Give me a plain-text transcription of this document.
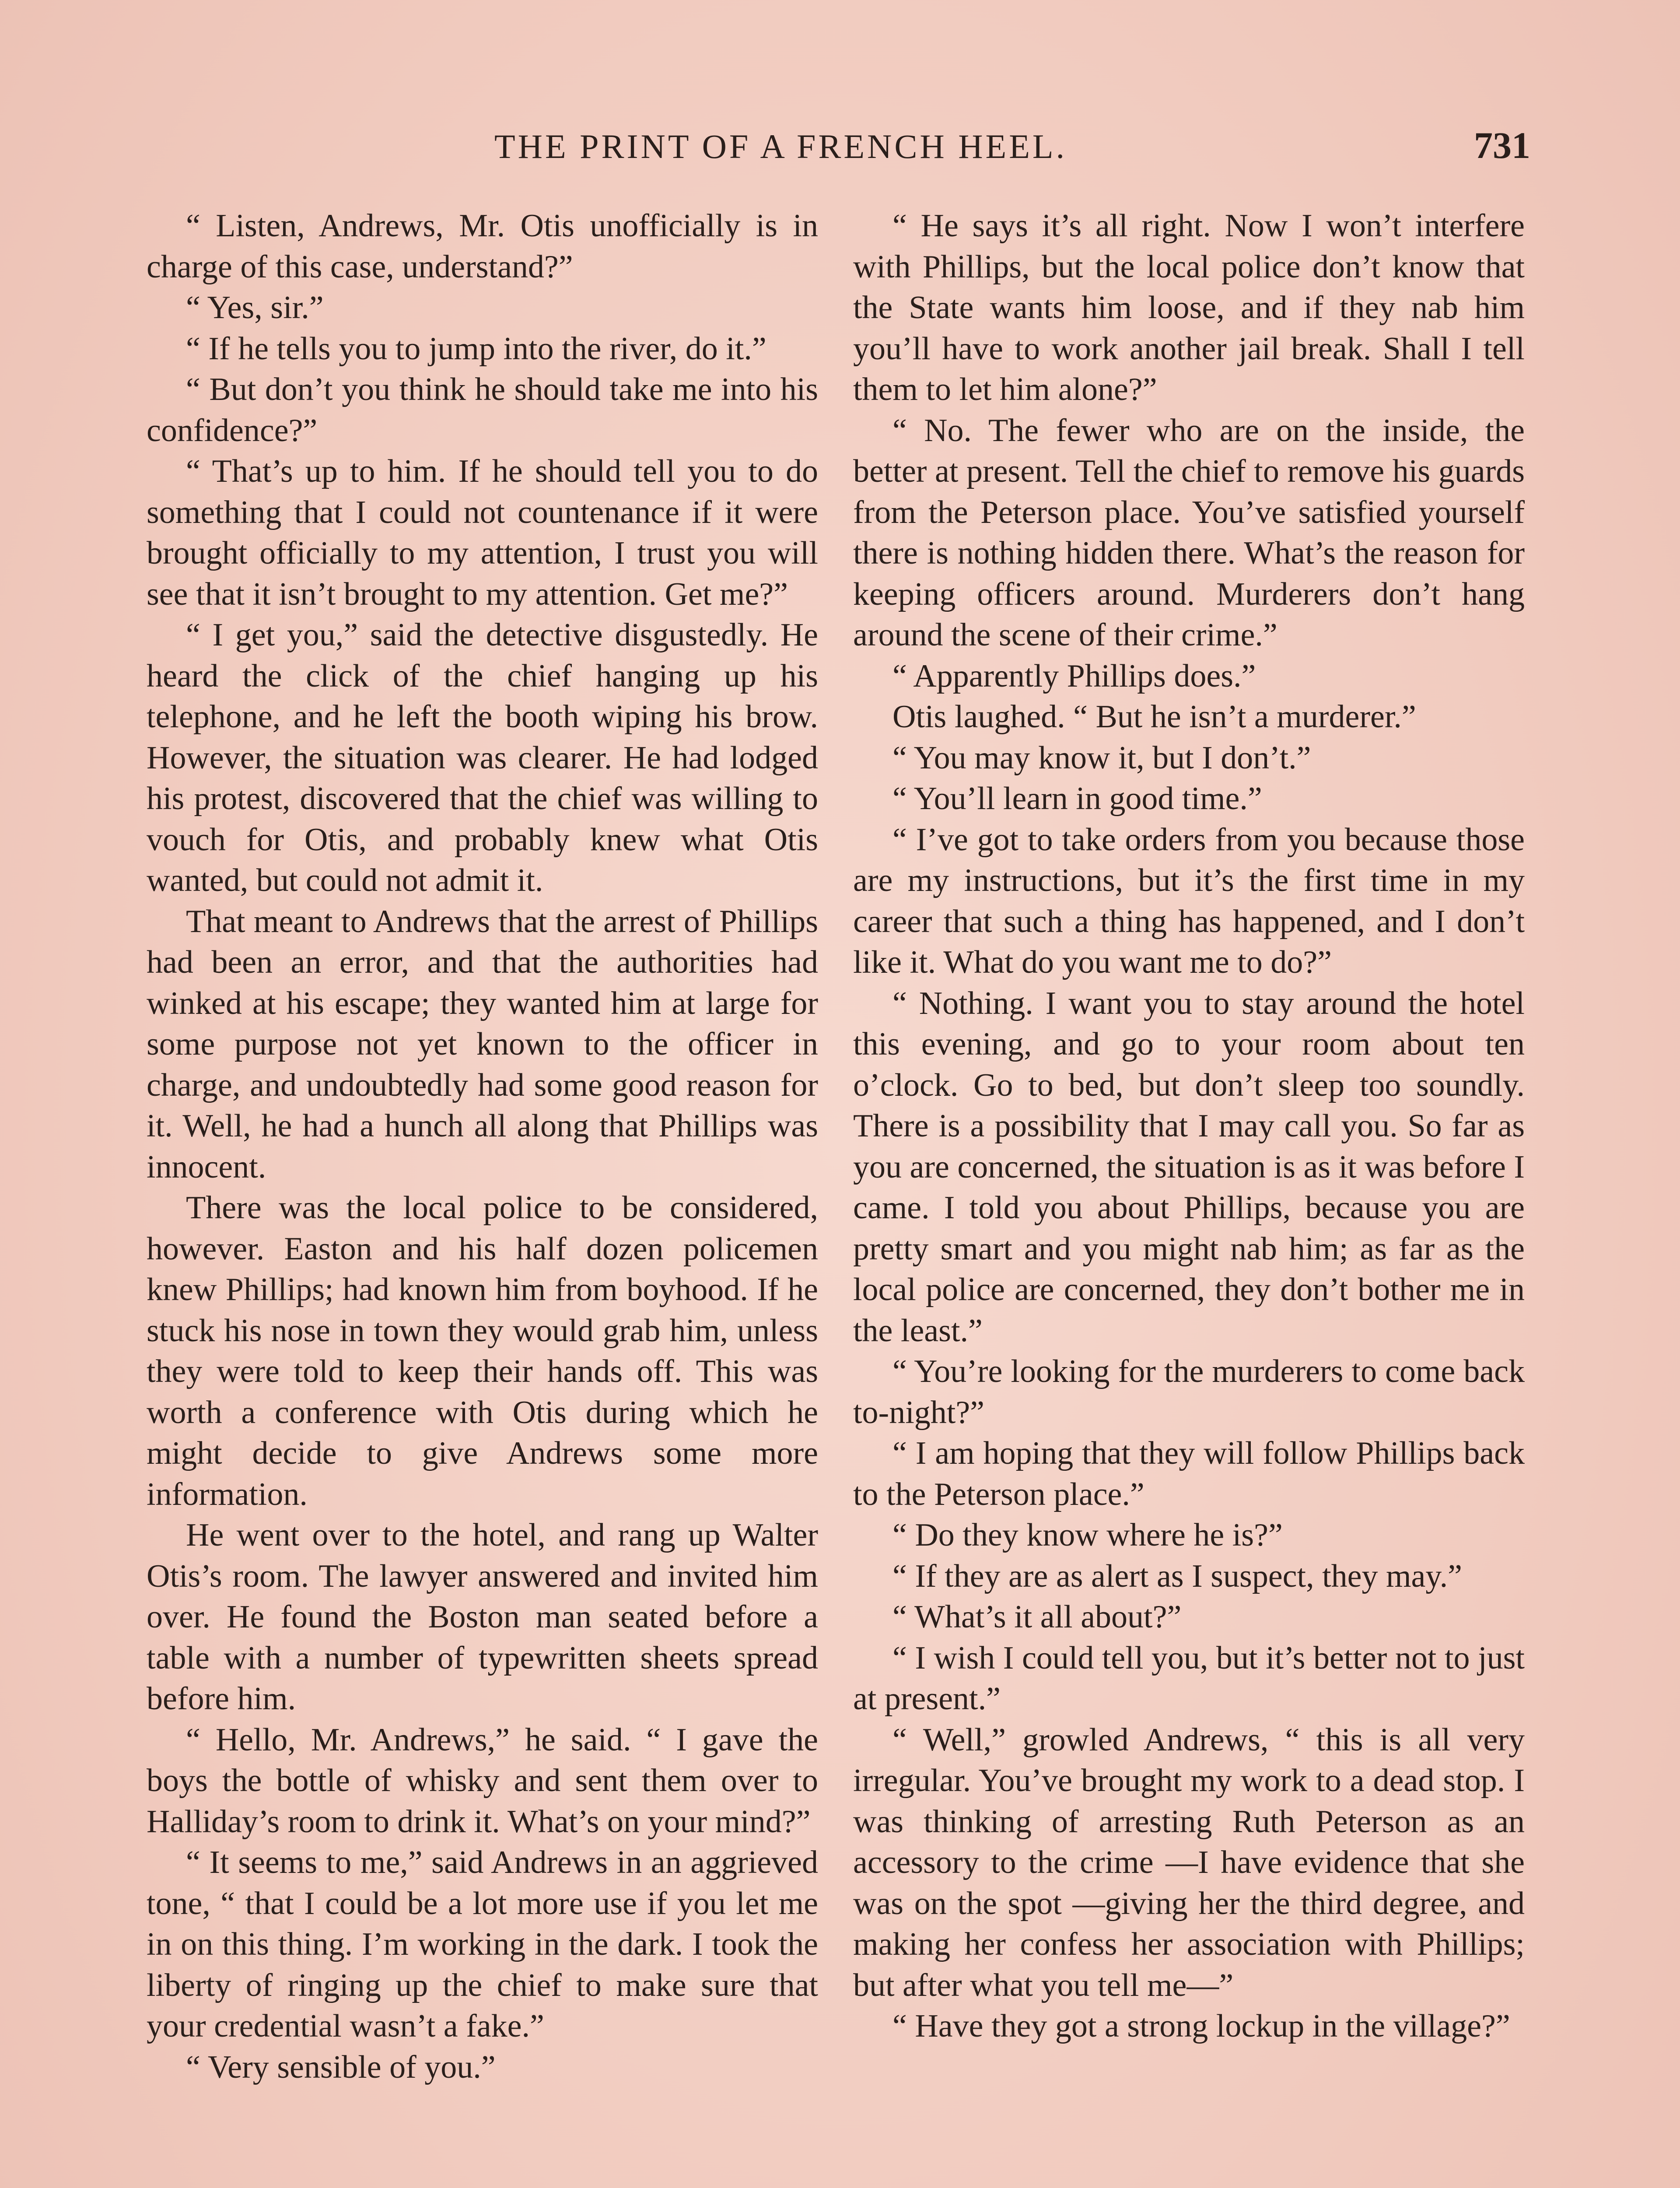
THE PRINT OF A FRENCH HEEL.	731

“ Listen, Andrews, Mr. Otis unofficially is in charge of this case, understand?”

“ Yes, sir.”

“ If he tells you to jump into the river, do it.”

“ But don’t you think he should take me into his confidence?”

“ That’s up to him. If he should tell you to do something that I could not countenance if it were brought officially to my attention, I trust you will see that it isn’t brought to my attention. Get me?”

“ I get you,” said the detective disgustedly. He heard the click of the chief hanging up his telephone, and he left the booth wiping his brow. However, the situation was clearer. He had lodged his protest, discovered that the chief was willing to vouch for Otis, and probably knew what Otis wanted, but could not admit it.

That meant to Andrews that the arrest of Phillips had been an error, and that the authorities had winked at his escape; they wanted him at large for some purpose not yet known to the officer in charge, and undoubtedly had some good reason for it. Well, he had a hunch all along that Phillips was innocent.

There was the local police to be considered, however. Easton and his half dozen policemen knew Phillips; had known him from boyhood. If he stuck his nose in town they would grab him, unless they were told to keep their hands off. This was worth a conference with Otis during which he might decide to give Andrews some more information.

He went over to the hotel, and rang up Walter Otis’s room. The lawyer answered and invited him over. He found the Boston man seated before a table with a number of typewritten sheets spread before him.

“ Hello, Mr. Andrews,” he said. “ I gave the boys the bottle of whisky and sent them over to Halliday’s room to drink it. What’s on your mind?”

“ It seems to me,” said Andrews in an aggrieved tone, “ that I could be a lot more use if you let me in on this thing. I’m working in the dark. I took the liberty of ringing up the chief to make sure that your credential wasn’t a fake.”

“ Very sensible of you.”

“ He says it’s all right. Now I won’t interfere with Phillips, but the local police don’t know that the State wants him loose, and if they nab him you’ll have to work another jail break. Shall I tell them to let him alone?”

“ No. The fewer who are on the inside, the better at present. Tell the chief to remove his guards from the Peterson place. You’ve satisfied yourself there is nothing hidden there. What’s the reason for keeping officers around. Murderers don’t hang around the scene of their crime.”

“ Apparently Phillips does.”

Otis laughed. “ But he isn’t a murderer.”

“ You may know it, but I don’t.”

“ You’ll learn in good time.”

“ I’ve got to take orders from you because those are my instructions, but it’s the first time in my career that such a thing has happened, and I don’t like it. What do you want me to do?”

“ Nothing. I want you to stay around the hotel this evening, and go to your room about ten o’clock. Go to bed, but don’t sleep too soundly. There is a possibility that I may call you. So far as you are concerned, the situation is as it was before I came. I told you about Phillips, because you are pretty smart and you might nab him; as far as the local police are concerned, they don’t bother me in the least.”

“ You’re looking for the murderers to come back to-night?”

“ I am hoping that they will follow Phillips back to the Peterson place.”

“ Do they know where he is?”

“ If they are as alert as I suspect, they may.”

“ What’s it all about?”

“ I wish I could tell you, but it’s better not to just at present.”

“ Well,” growled Andrews, “ this is all very irregular. You’ve brought my work to a dead stop. I was thinking of arresting Ruth Peterson as an accessory to the crime —I have evidence that she was on the spot —giving her the third degree, and making her confess her association with Phillips; but after what you tell me—”

“ Have they got a strong lockup in the village?”
